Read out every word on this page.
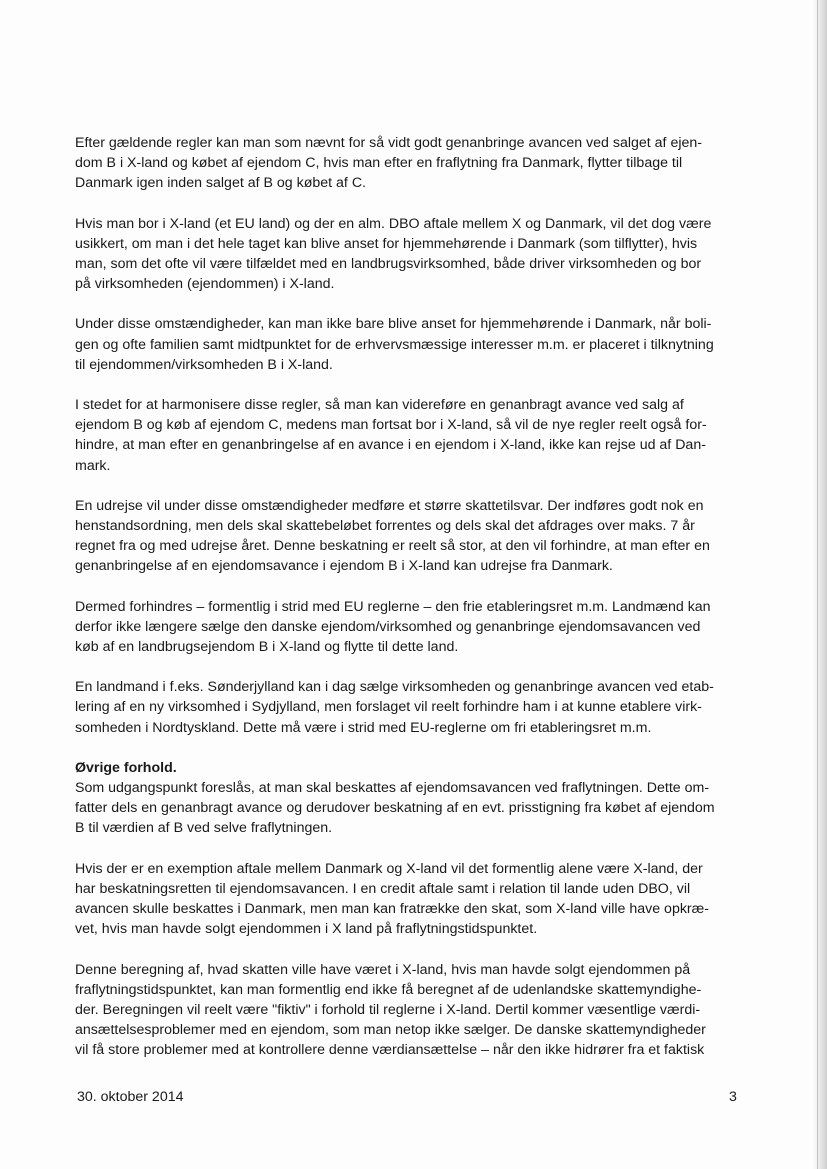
Efter gældende regler kan man som nævnt for så vidt godt genanbringe avancen ved salget af ejen-
dom B i X-land og købet af ejendom C, hvis man efter en fraflytning fra Danmark, flytter tilbage til
Danmark igen inden salget af B og købet af C.
Hvis man bor i X-land (et EU land) og der en alm. DBO aftale mellem X og Danmark, vil det dog være
usikkert, om man i det hele taget kan blive anset for hjemmehørende i Danmark (som tilflytter), hvis
man, som det ofte vil være tilfældet med en landbrugsvirksomhed, både driver virksomheden og bor
på virksomheden (ejendommen) i X-land.
Under disse omstændigheder, kan man ikke bare blive anset for hjemmehørende i Danmark, når boli-
gen og ofte familien samt midtpunktet for de erhvervsmæssige interesser m.m. er placeret i tilknytning
til ejendommen/virksomheden B i X-land.
I stedet for at harmonisere disse regler, så man kan videreføre en genanbragt avance ved salg af
ejendom B og køb af ejendom C, medens man fortsat bor i X-land, så vil de nye regler reelt også for-
hindre, at man efter en genanbringelse af en avance i en ejendom i X-land, ikke kan rejse ud af Dan-
mark.
En udrejse vil under disse omstændigheder medføre et større skattetilsvar. Der indføres godt nok en
henstandsordning, men dels skal skattebeløbet forrentes og dels skal det afdrages over maks. 7 år
regnet fra og med udrejse året. Denne beskatning er reelt så stor, at den vil forhindre, at man efter en
genanbringelse af en ejendomsavance i ejendom B i X-land kan udrejse fra Danmark.
Dermed forhindres – formentlig i strid med EU reglerne – den frie etableringsret m.m. Landmænd kan
derfor ikke længere sælge den danske ejendom/virksomhed og genanbringe ejendomsavancen ved
køb af en landbrugsejendom B i X-land og flytte til dette land.
En landmand i f.eks. Sønderjylland kan i dag sælge virksomheden og genanbringe avancen ved etab-
lering af en ny virksomhed i Sydjylland, men forslaget vil reelt forhindre ham i at kunne etablere virk-
somheden i Nordtyskland. Dette må være i strid med EU-reglerne om fri etableringsret m.m.
Øvrige forhold.
Som udgangspunkt foreslås, at man skal beskattes af ejendomsavancen ved fraflytningen. Dette om-
fatter dels en genanbragt avance og derudover beskatning af en evt. prisstigning fra købet af ejendom
B til værdien af B ved selve fraflytningen.
Hvis der er en exemption aftale mellem Danmark og X-land vil det formentlig alene være X-land, der
har beskatningsretten til ejendomsavancen. I en credit aftale samt i relation til lande uden DBO, vil
avancen skulle beskattes i Danmark, men man kan fratrække den skat, som X-land ville have opkræ-
vet, hvis man havde solgt ejendommen i X land på fraflytningstidspunktet.
Denne beregning af, hvad skatten ville have været i X-land, hvis man havde solgt ejendommen på
fraflytningstidspunktet, kan man formentlig end ikke få beregnet af de udenlandske skattemyndighe-
der. Beregningen vil reelt være "fiktiv" i forhold til reglerne i X-land. Dertil kommer væsentlige værdi-
ansættelsesproblemer med en ejendom, som man netop ikke sælger. De danske skattemyndigheder
vil få store problemer med at kontrollere denne værdiansættelse – når den ikke hidrører fra et faktisk
30. oktober 2014	3
